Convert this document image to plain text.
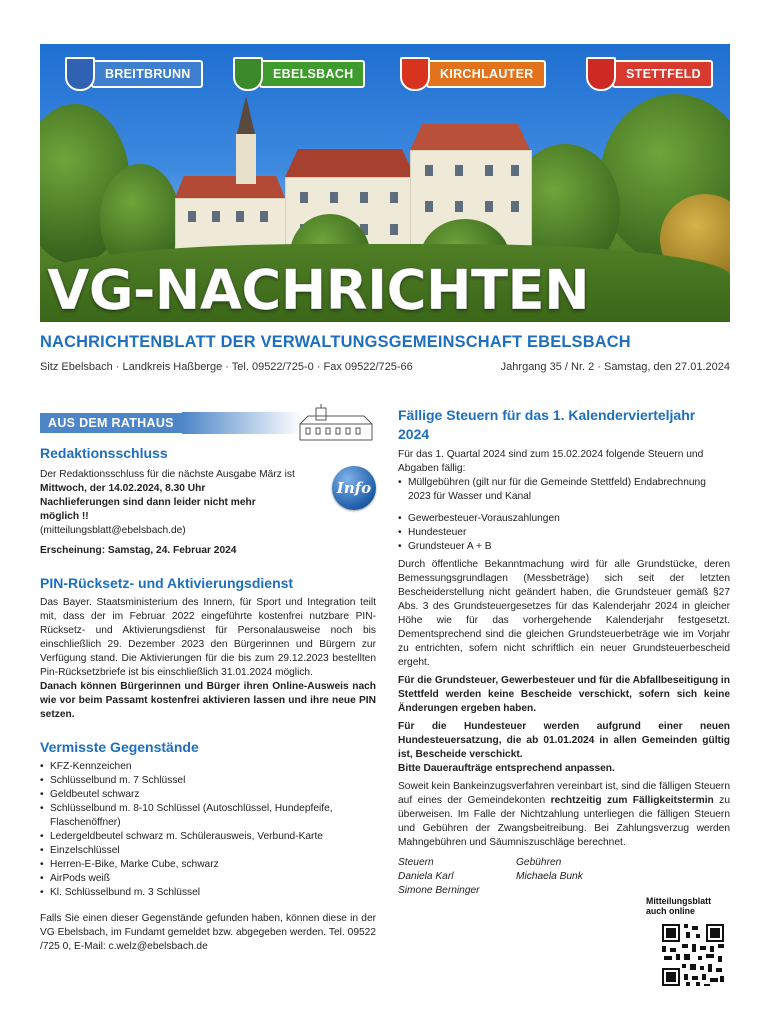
BREITBRUNN	EBELSBACH	KIRCHLAUTER	STETTFELD
VG-NACHRICHTEN
NACHRICHTENBLATT DER VERWALTUNGSGEMEINSCHAFT EBELSBACH
Sitz Ebelsbach · Landkreis Haßberge · Tel. 09522/725-0 · Fax 09522/725-66	Jahrgang 35 / Nr. 2 · Samstag, den 27.01.2024
AUS DEM RATHAUS
Redaktionsschluss

Der Redaktionsschluss für die nächste Ausgabe März ist

Mittwoch, der 14.02.2024, 8.30 Uhr

Nachlieferungen sind dann leider nicht mehr

möglich !!

(mitteilungsblatt@ebelsbach.de)

Erscheinung: Samstag, 24. Februar 2024

Info
PIN-Rücksetz- und Aktivierungsdienst

Das Bayer. Staatsministerium des Innern, für Sport und Integration teilt mit, dass der im Februar 2022 eingeführte kostenfrei nutzbare PIN-Rücksetz- und Aktivierungsdienst für Personalausweise noch bis einschließlich 29. Dezember 2023 den Bürgerinnen und Bürgern zur Verfügung stand. Die Aktivierungen für die bis zum 29.12.2023 bestellten Pin-Rücksetzbriefe ist bis einschließlich 31.01.2024 möglich.

Danach können Bürgerinnen und Bürger ihren Online-Ausweis nach wie vor beim Passamt kostenfrei aktivieren lassen und ihre neue PIN setzen.

Vermisste Gegenstände
• KFZ-Kennzeichen
• Schlüsselbund m. 7 Schlüssel
• Geldbeutel schwarz
• Schlüsselbund m. 8-10 Schlüssel (Autoschlüssel, Hundepfeife, Flaschenöffner)
• Ledergeldbeutel schwarz m. Schülerausweis, Verbund-Karte
• Einzelschlüssel
• Herren-E-Bike, Marke Cube, schwarz
• AirPods weiß
• Kl. Schlüsselbund m. 3 Schlüssel

Falls Sie einen dieser Gegenstände gefunden haben, können diese in der VG Ebelsbach, im Fundamt gemeldet bzw. abgegeben werden. Tel. 09522 /725 0, E-Mail: c.welz@ebelsbach.de

Fällige Steuern für das 1. Kalendervierteljahr 2024

Für das 1. Quartal 2024 sind zum 15.02.2024 folgende Steuern und Abgaben fällig:

• Müllgebühren (gilt nur für die Gemeinde Stettfeld) Endabrechnung 2023 für Wasser und Kanal
• Gewerbesteuer-Vorauszahlungen
• Hundesteuer
• Grundsteuer A + B

Durch öffentliche Bekanntmachung wird für alle Grundstücke, deren Bemessungsgrundlagen (Messbeträge) sich seit der letzten Bescheiderstellung nicht geändert haben, die Grundsteuer gemäß §27 Abs. 3 des Grundsteuergesetzes für das Kalenderjahr 2024 in gleicher Höhe wie für das vorhergehende Kalenderjahr festgesetzt. Dementsprechend sind die gleichen Grundsteuerbeträge wie im Vorjahr zu entrichten, sofern nicht schriftlich ein neuer Grundsteuerbescheid ergeht.

Für die Grundsteuer, Gewerbesteuer und für die Abfallbeseitigung in Stettfeld werden keine Bescheide verschickt, sofern sich keine Änderungen ergeben haben.

Für die Hundesteuer werden aufgrund einer neuen Hundesteuersatzung, die ab 01.01.2024 in allen Gemeinden gültig ist, Bescheide verschickt.

Bitte Daueraufträge entsprechend anpassen.

Soweit kein Bankeinzugsverfahren vereinbart ist, sind die fälligen Steuern auf eines der Gemeindekonten rechtzeitig zum Fälligkeitstermin zu überweisen. Im Falle der Nichtzahlung unterliegen die fälligen Steuern und Gebühren der Zwangsbeitreibung. Bei Zahlungsverzug werden Mahngebühren und Säumniszuschläge berechnet.

Steuern

Daniela Karl

Simone Berninger

Gebühren

Michaela Bunk

Mitteilungsblatt auch online
